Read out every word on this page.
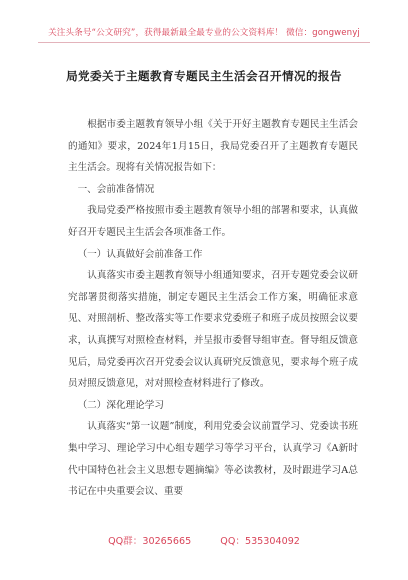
关注头条号“公文研究”，获得最新最全最专业的公文资料库！ 微信：gongwenyj
局党委关于主题教育专题民主生活会召开情况的报告

根据市委主题教育领导小组《关于开好主题教育专题民主生活会的通知》要求，2024年1月15日，我局党委召开了主题教育专题民主生活会。现将有关情况报告如下：

一、会前准备情况

我局党委严格按照市委主题教育领导小组的部署和要求，认真做好召开专题民主生活会各项准备工作。

（一）认真做好会前准备工作

认真落实市委主题教育领导小组通知要求，召开专题党委会议研究部署贯彻落实措施，制定专题民主生活会工作方案，明确征求意见、对照剖析、整改落实等工作要求党委班子和班子成员按照会议要求，认真撰写对照检查材料，并呈报市委督导组审查。督导组反馈意见后，局党委再次召开党委会议认真研究反馈意见，要求每个班子成员对照反馈意见，对对照检查材料进行了修改。

（二）深化理论学习

认真落实“第一议题”制度，利用党委会议前置学习、党委读书班集中学习、理论学习中心组专题学习等学习平台，认真学习《A新时代中国特色社会主义思想专题摘编》等必读教材，及时跟进学习A总书记在中央重要会议、重要

QQ群：30265665	QQ：535304092
